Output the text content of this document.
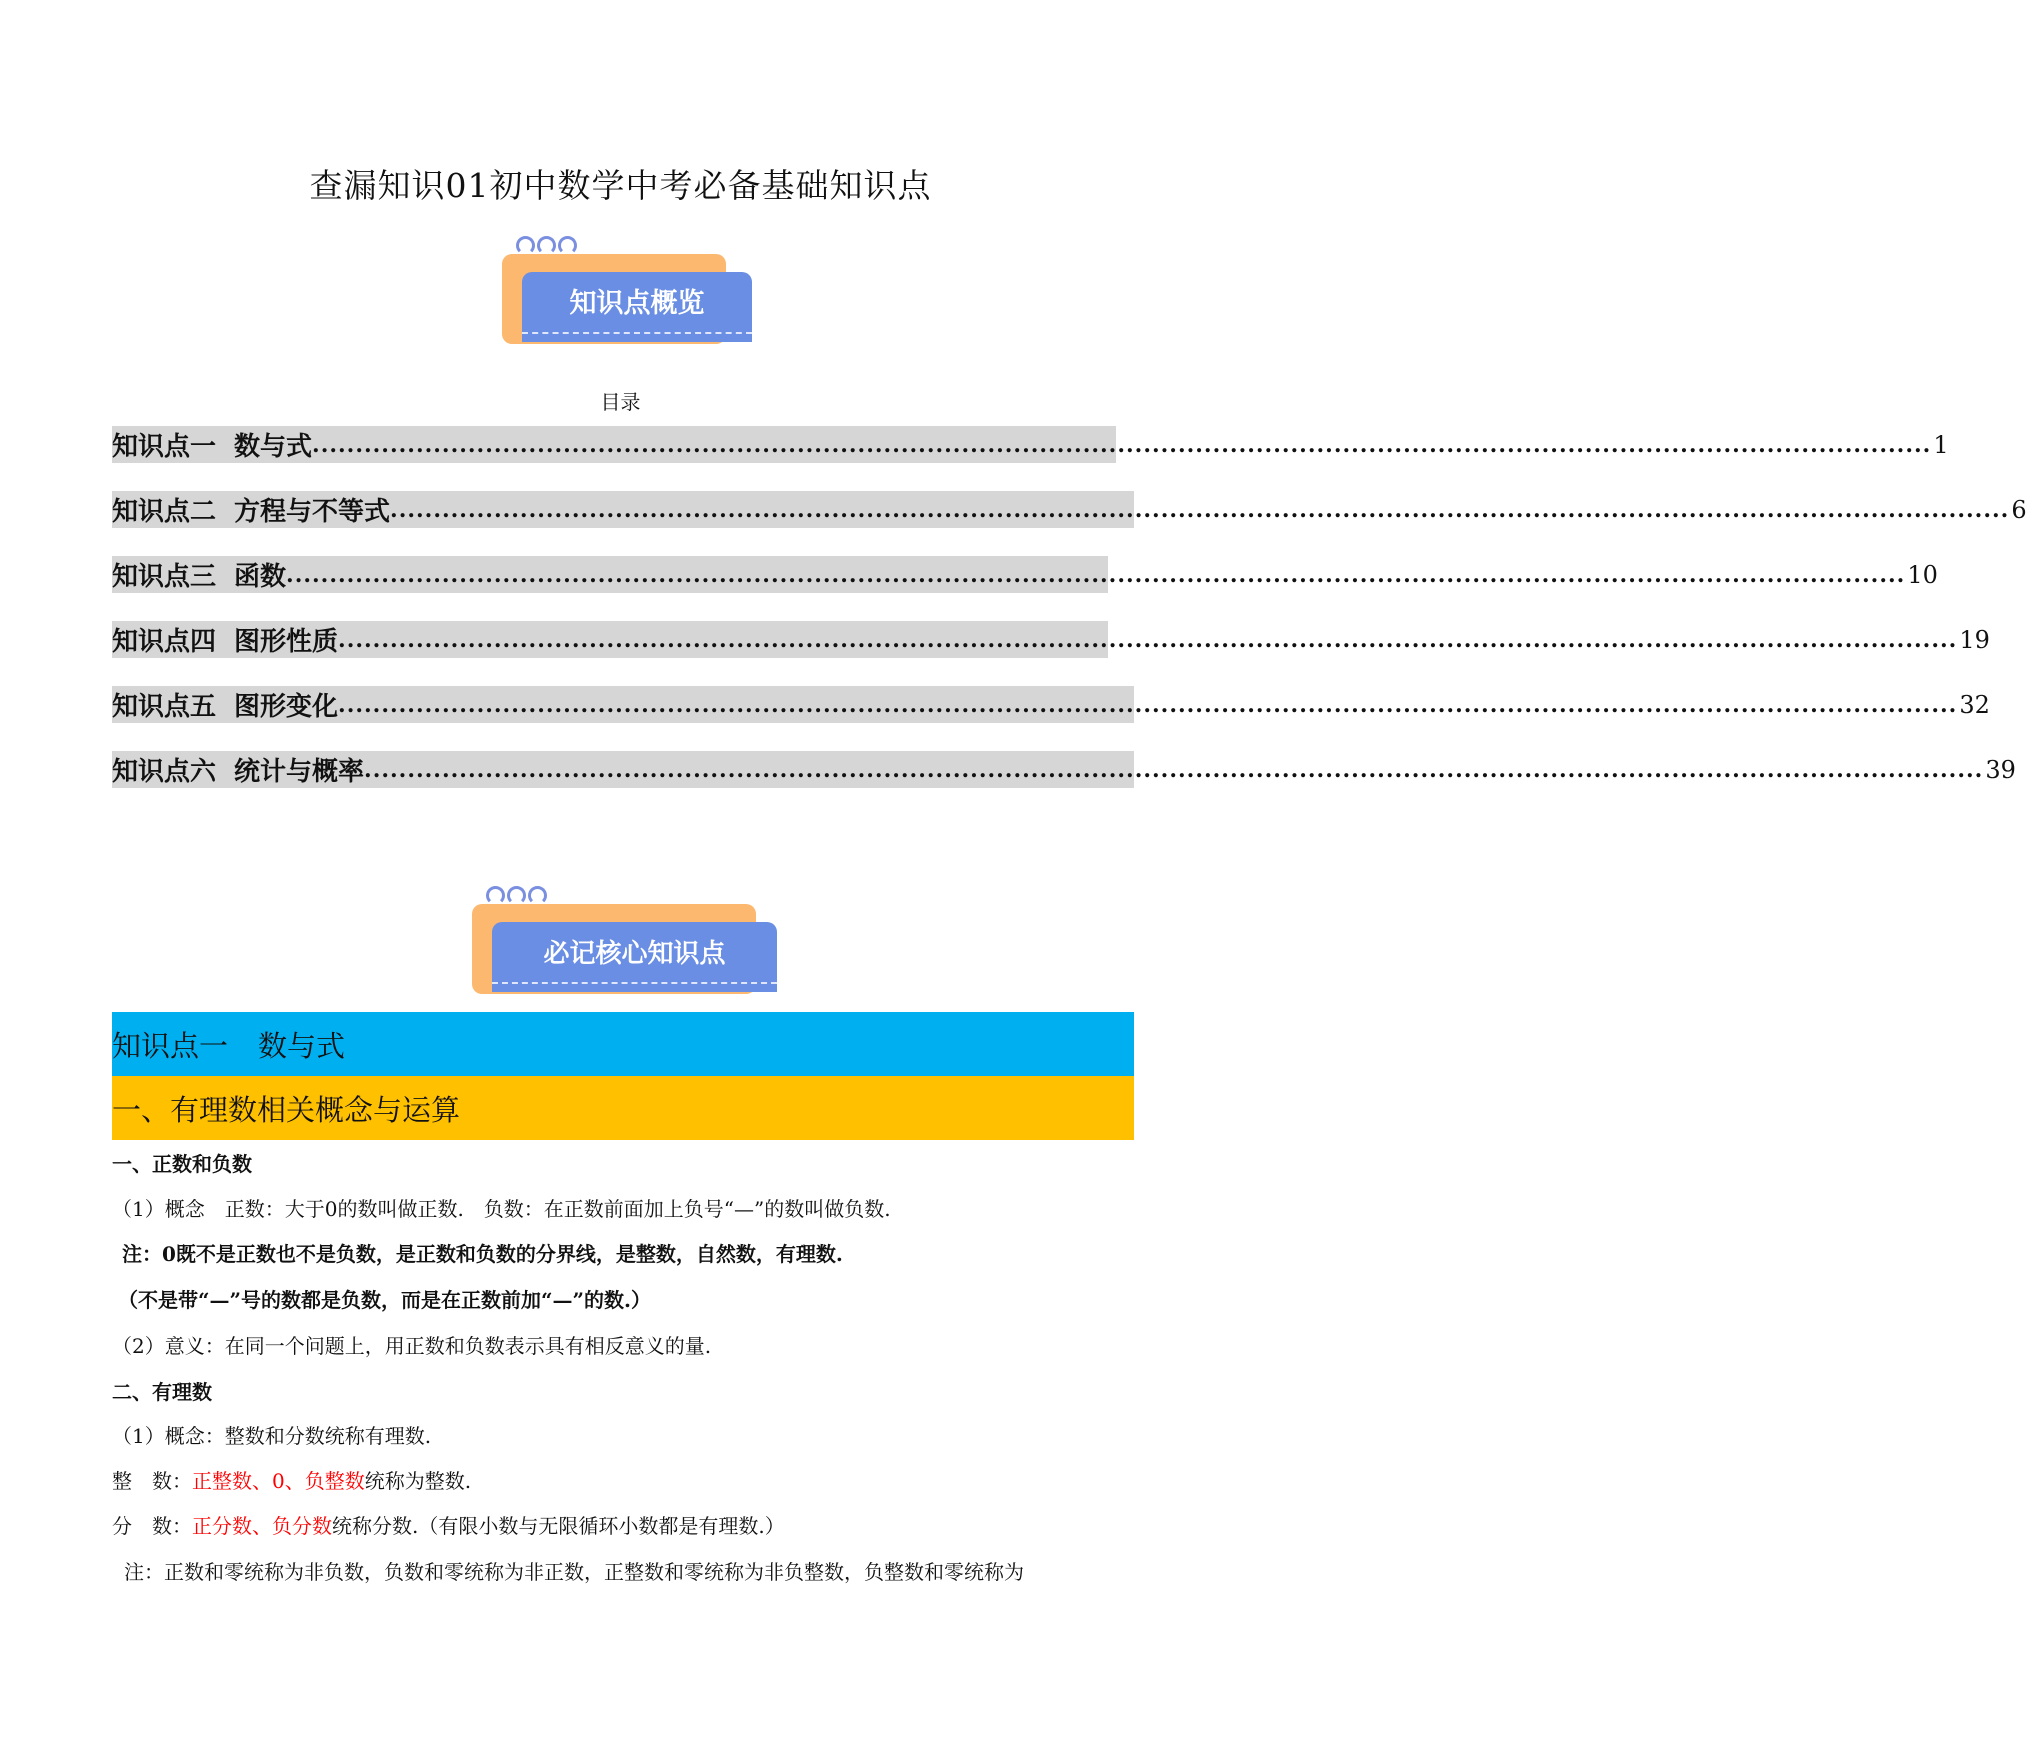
查漏知识01初中数学中考必备基础知识点
知识点概览
目录
知识点一 数与式 ........................................................................................................................................................................................... 1
知识点二 方程与不等式 ........................................................................................................................................................................................... 6
知识点三 函数 ........................................................................................................................................................................................... 10
知识点四 图形性质 ........................................................................................................................................................................................... 19
知识点五 图形变化 ........................................................................................................................................................................................... 32
知识点六 统计与概率 ........................................................................................................................................................................................... 39
必记核心知识点
知识点一 数与式
一、有理数相关概念与运算
一、正数和负数
（1）概念　正数：大于0的数叫做正数.　负数：在正数前面加上负号“—”的数叫做负数.
注：0既不是正数也不是负数，是正数和负数的分界线，是整数，自然数，有理数.
（不是带“—”号的数都是负数，而是在正数前加“—”的数.）
（2）意义：在同一个问题上，用正数和负数表示具有相反意义的量.
二、有理数
（1）概念：整数和分数统称有理数.
整　数：正整数、0、负整数统称为整数.
分　数：正分数、负分数统称分数.（有限小数与无限循环小数都是有理数.）
注：正数和零统称为非负数，负数和零统称为非正数，正整数和零统称为非负整数，负整数和零统称为
